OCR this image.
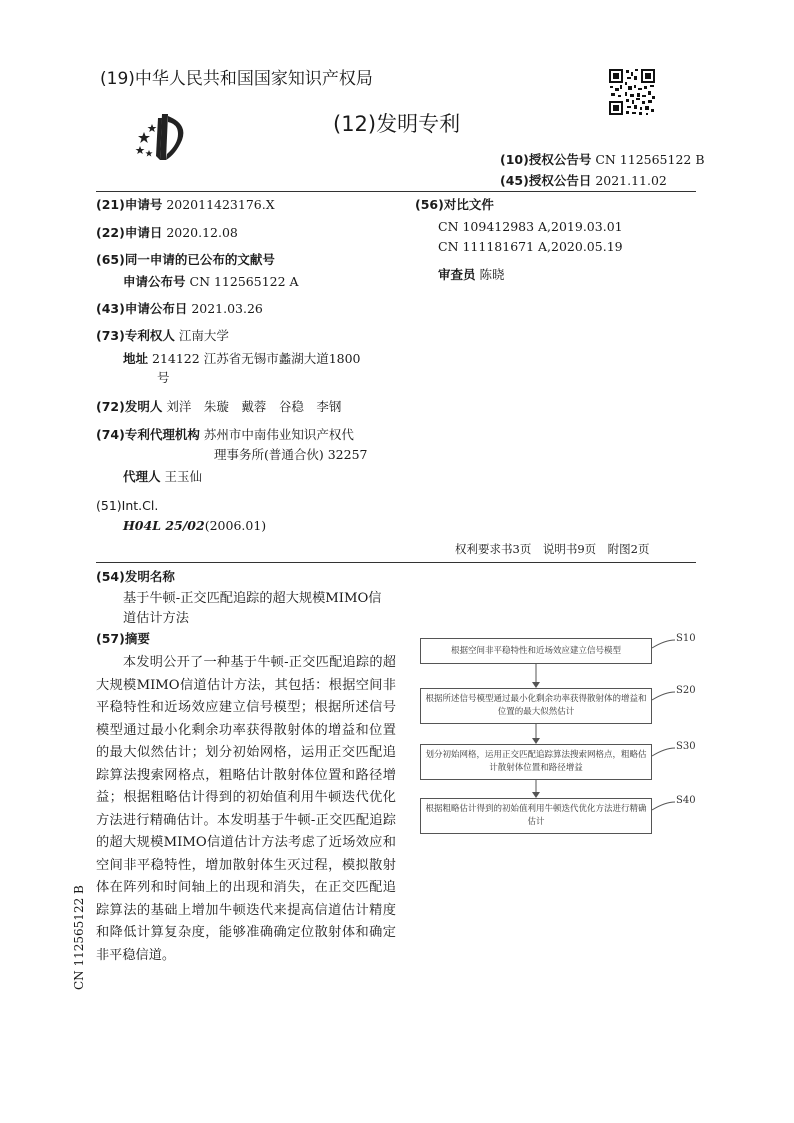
(19)中华人民共和国国家知识产权局
(12)发明专利
(10)授权公告号 CN 112565122 B
(45)授权公告日 2021.11.02
(21)申请号 202011423176.X
(22)申请日 2020.12.08
(65)同一申请的已公布的文献号
申请公布号 CN 112565122 A
(43)申请公布日 2021.03.26
(73)专利权人 江南大学
地址 214122 江苏省无锡市蠡湖大道1800
号
(72)发明人 刘洋　朱璇　戴蓉　谷稳　李钢
(74)专利代理机构 苏州市中南伟业知识产权代
理事务所(普通合伙) 32257
代理人 王玉仙
(51)Int.Cl.
H04L 25/02(2006.01)
(56)对比文件
CN 109412983 A,2019.03.01
CN 111181671 A,2020.05.19
审查员 陈晓
权利要求书3页　说明书9页　附图2页
(54)发明名称
基于牛顿-正交匹配追踪的超大规模MIMO信
道估计方法
(57)摘要
　　本发明公开了一种基于牛顿-正交匹配追踪的超大规模MIMO信道估计方法，其包括：根据空间非平稳特性和近场效应建立信号模型；根据所述信号模型通过最小化剩余功率获得散射体的增益和位置的最大似然估计；划分初始网格，运用正交匹配追踪算法搜索网格点，粗略估计散射体位置和路径增益；根据粗略估计得到的初始值利用牛顿迭代优化方法进行精确估计。本发明基于牛顿-正交匹配追踪的超大规模MIMO信道估计方法考虑了近场效应和空间非平稳特性，增加散射体生灭过程，模拟散射体在阵列和时间轴上的出现和消失，在正交匹配追踪算法的基础上增加牛顿迭代来提高信道估计精度和降低计算复杂度，能够准确确定位散射体和确定非平稳信道。
CN 112565122 B
根据空间非平稳特性和近场效应建立信号模型
根据所述信号模型通过最小化剩余功率获得散射体的增益和位置的最大似然估计
划分初始网格，运用正交匹配追踪算法搜索网格点，粗略估计散射体位置和路径增益
根据粗略估计得到的初始值利用牛顿迭代优化方法进行精确估计
S10
S20
S30
S40
